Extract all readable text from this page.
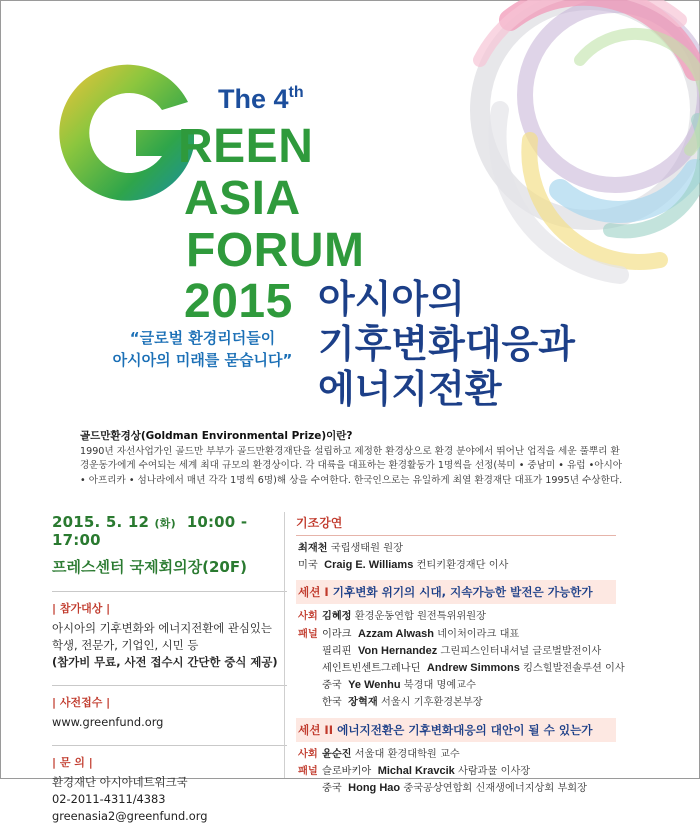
The 4th
REEN
ASIA
FORUM
2015 아시아의
기후변화대응과
에너지전환
“글로벌 환경리더들이
아시아의 미래를 묻습니다”
골드만환경상(Goldman Environmental Prize)이란?
1990년 자선사업가인 골드만 부부가 골드만환경재단을 설립하고 제정한 환경상으로 환경 분야에서 뛰어난 업적을 세운 풀뿌리 환경운동가에게 수여되는 세계 최대 규모의 환경상이다. 각 대륙을 대표하는 환경활동가 1명씩을 선정(북미 • 중남미 • 유럽 •아시아 • 아프리카 • 섬나라에서 매년 각각 1명씩 6명)해 상을 수여한다. 한국인으로는 유일하게 최열 환경재단 대표가 1995년 수상한다.
2015. 5. 12 (화) 10:00 - 17:00
프레스센터 국제회의장(20F)
| 참가대상 |
아시아의 기후변화와 에너지전환에 관심있는
학생, 전문가, 기업인, 시민 등
(참가비 무료, 사전 접수시 간단한 중식 제공)
| 사전접수 |
www.greenfund.org
| 문 의 |
환경재단 아시아네트워크국
02-2011-4311/4383
greenasia2@greenfund.org
기조강연
최재천 국립생태원 원장
미국 Craig E. Williams 컨티키환경재단 이사
세션 I 기후변화 위기의 시대, 지속가능한 발전은 가능한가
사회 김혜정 환경운동연합 원전특위위원장
패널 이라크 Azzam Alwash 네이처이라크 대표
필리핀 Von Hernandez 그린피스인터내셔널 글로벌발전이사
세인트빈센트그레나딘 Andrew Simmons 킹스힐발전솔루션 이사
중국 Ye Wenhu 북경대 명예교수
한국 장혁재 서울시 기후환경본부장
세션 II 에너지전환은 기후변화대응의 대안이 될 수 있는가
사회 윤순진 서울대 환경대학원 교수
패널 슬로바키아 Michal Kravcik 사람과물 이사장
중국 Hong Hao 중국공상연합회 신재생에너지상회 부회장
